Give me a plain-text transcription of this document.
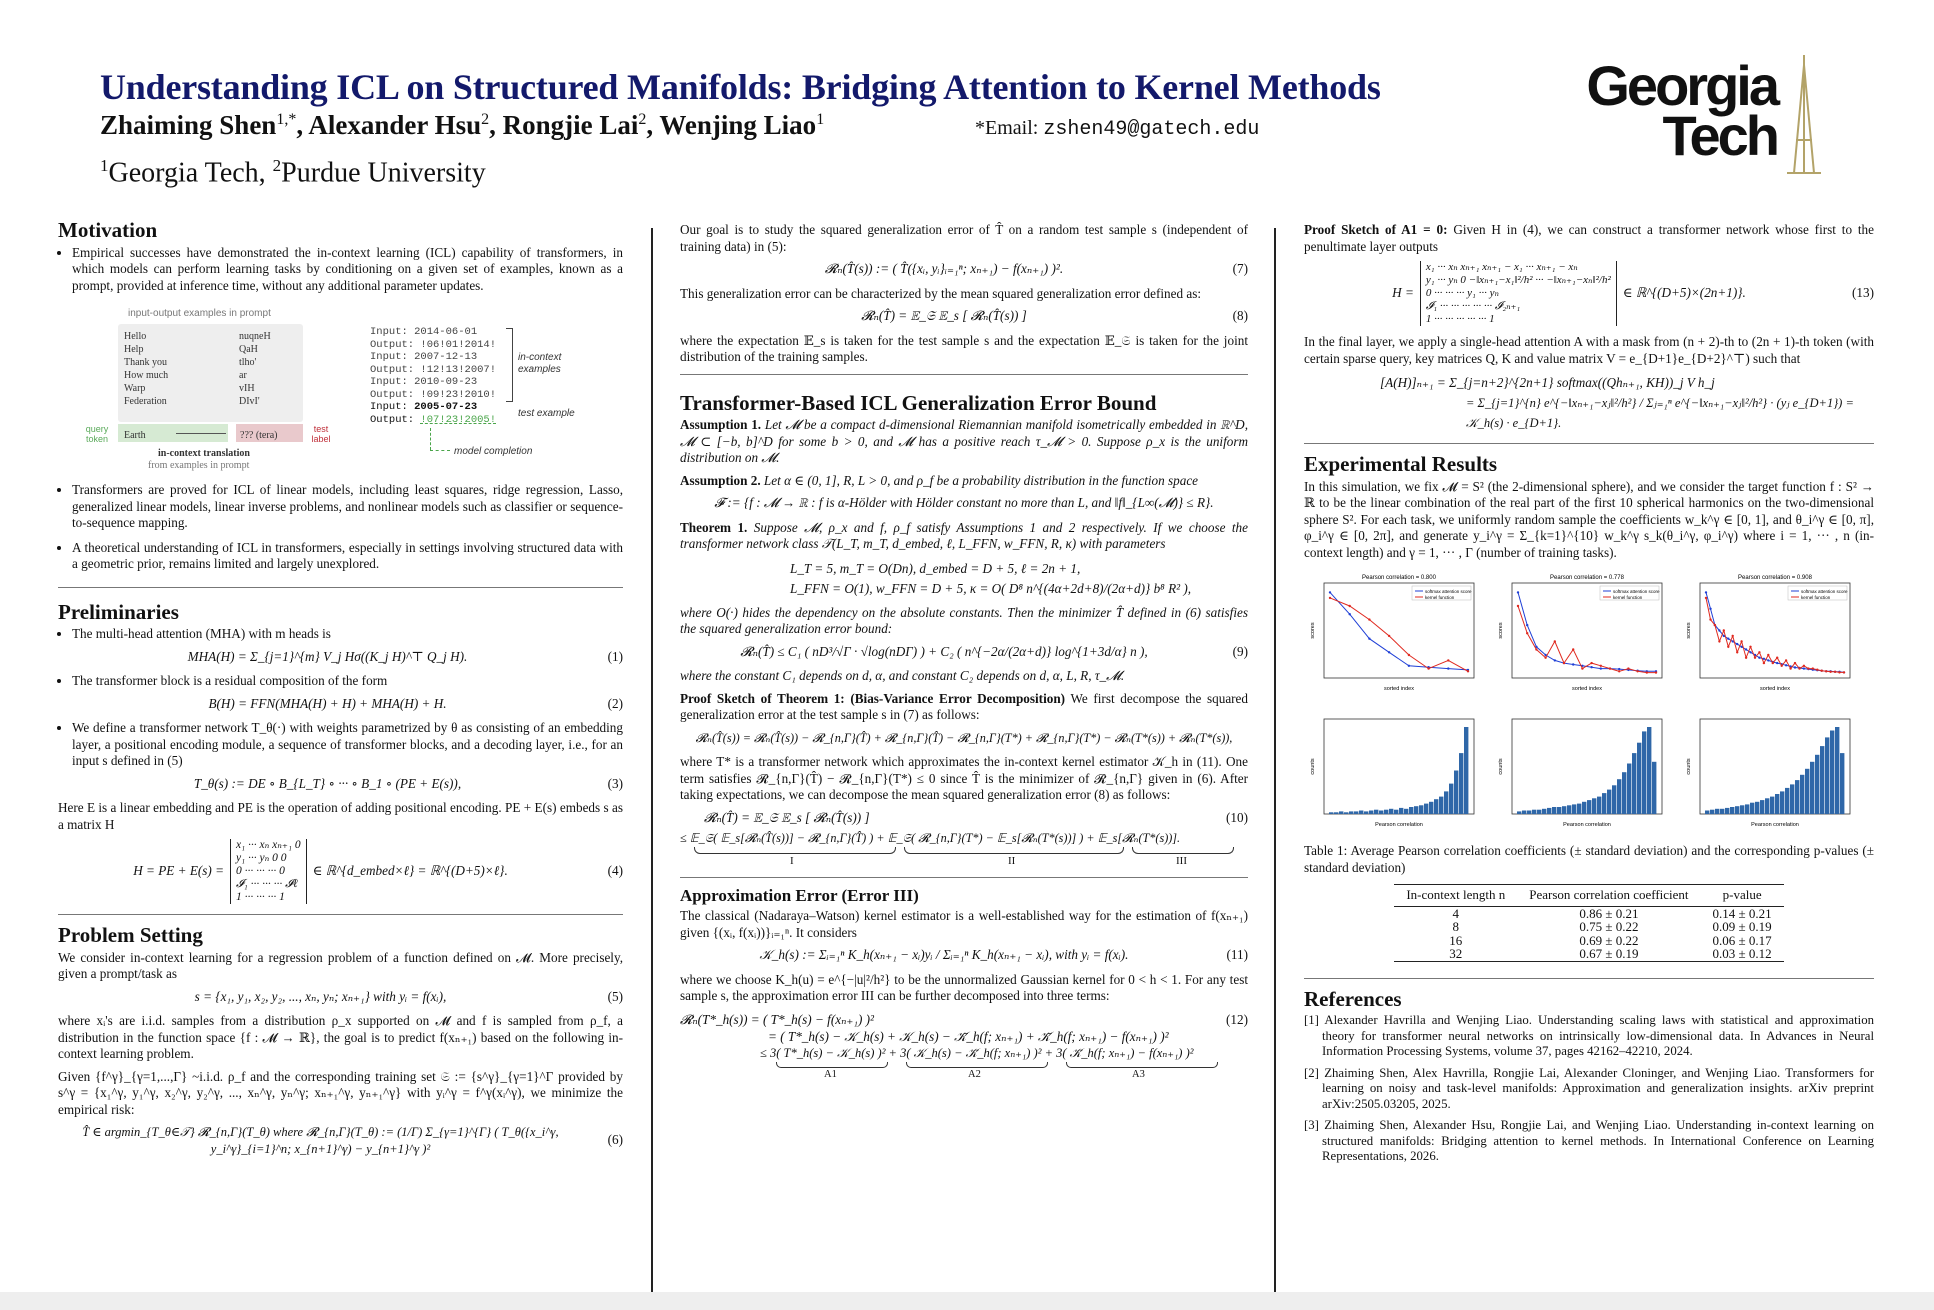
Understanding ICL on Structured Manifolds: Bridging Attention to Kernel Methods
Zhaiming Shen$^{1,*}$, Alexander Hsu$^2$, Rongjie Lai$^2$, Wenjing Liao$^1$	*Email: zshen49@gatech.edu
$^1$Georgia Tech, $^2$Purdue University
Georgia
Tech
Motivation
• Empirical successes have demonstrated the in-context learning (ICL) capability of transformers, in which models can perform learning tasks by conditioning on a given set of examples, known as a prompt, provided at inference time, without any additional parameter updates.
input-output examples in prompt
Hello	nuqneH
Help	QaH
Thank you	tlho'
How much	ar
Warp	vIH
Federation	DIvI'
Earth	??? (tera)
query token
test label
in-context translation
from examples in prompt
Input: 2014-06-01
Output: !06!01!2014!
Input: 2007-12-13
Output: !12!13!2007!
Input: 2010-09-23
Output: !09!23!2010!
Input: 2005-07-23
Output: !07!23!2005!
in-context examples
test example
model completion
• Transformers are proved for ICL of linear models, including least squares, ridge regression, Lasso, generalized linear models, linear inverse problems, and nonlinear models such as classifier or sequence-to-sequence mapping.
• A theoretical understanding of ICL in transformers, especially in settings involving structured data with a geometric prior, remains limited and largely unexplored.
Preliminaries
• The multi-head attention (MHA) with m heads is
MHA(H) = Σ_{j=1}^{m} V_j Hσ((K_j H)^⊤ Q_j H).	(1)
• The transformer block is a residual composition of the form
B(H) = FFN(MHA(H) + H) + MHA(H) + H.	(2)
• We define a transformer network T_θ(·) with weights parametrized by θ as consisting of an embedding layer, a positional encoding module, a sequence of transformer blocks, and a decoding layer, i.e., for an input s defined in (5)
T_θ(s) := DE ∘ B_{L_T} ∘ ··· ∘ B_1 ∘ (PE + E(s)),	(3)

Here E is a linear embedding and PE is the operation of adding positional encoding. PE + E(s) embeds s as a matrix H

H = PE + E(s) =
x₁ ··· xₙ xₙ₊₁ 0
y₁ ··· yₙ 0 0
0 ··· ··· ··· 0
𝓘₁ ··· ··· ··· 𝓘ℓ
1 ··· ··· ··· 1
∈ ℝ^{d_embed×ℓ} = ℝ^{(D+5)×ℓ}.	(4)
Problem Setting

We consider in-context learning for a regression problem of a function defined on 𝓜. More precisely, given a prompt/task as

s = {x₁, y₁, x₂, y₂, ..., xₙ, yₙ; xₙ₊₁} with yᵢ = f(xᵢ),	(5)

where xᵢ's are i.i.d. samples from a distribution ρ_x supported on 𝓜 and f is sampled from ρ_f, a distribution in the function space {f : 𝓜 → ℝ}, the goal is to predict f(xₙ₊₁) based on the following in-context learning problem.

Given {f^γ}_{γ=1,...,Γ} ~i.i.d. ρ_f and the corresponding training set 𝔖 := {s^γ}_{γ=1}^Γ provided by s^γ = {x₁^γ, y₁^γ, x₂^γ, y₂^γ, ..., xₙ^γ, yₙ^γ; xₙ₊₁^γ, yₙ₊₁^γ} with yᵢ^γ = f^γ(xᵢ^γ), we minimize the empirical risk:

T̂ ∈ argmin_{T_θ∈𝒯} 𝓡_{n,Γ}(T_θ) where 𝓡_{n,Γ}(T_θ) := (1/Γ) Σ_{γ=1}^{Γ} ( T_θ({x_i^γ, y_i^γ}_{i=1}^n; x_{n+1}^γ) − y_{n+1}^γ )²
(6)

Our goal is to study the squared generalization error of T̂ on a random test sample s (independent of training data) in (5):

𝓡ₙ(T̂(s)) := ( T̂({xᵢ, yᵢ}ᵢ₌₁ⁿ; xₙ₊₁) − f(xₙ₊₁) )².	(7)

This generalization error can be characterized by the mean squared generalization error defined as:

𝓡ₙ(T̂) = 𝔼_𝔖 𝔼_s [ 𝓡ₙ(T̂(s)) ]	(8)

where the expectation 𝔼_s is taken for the test sample s and the expectation 𝔼_𝔖 is taken for the joint distribution of the training samples.

Transformer-Based ICL Generalization Error Bound

Assumption 1. Let 𝓜 be a compact d-dimensional Riemannian manifold isometrically embedded in ℝ^D, 𝓜 ⊂ [−b, b]^D for some b > 0, and 𝓜 has a positive reach τ_𝓜 > 0. Suppose ρ_x is the uniform distribution on 𝓜.

Assumption 2. Let α ∈ (0, 1], R, L > 0, and ρ_f be a probability distribution in the function space

𝓕 := {f : 𝓜 → ℝ : f is α-Hölder with Hölder constant no more than L, and ‖f‖_{L∞(𝓜)} ≤ R}.

Theorem 1. Suppose 𝓜, ρ_x and f, ρ_f satisfy Assumptions 1 and 2 respectively. If we choose the transformer network class 𝒯(L_T, m_T, d_embed, ℓ, L_FFN, w_FFN, R, κ) with parameters

L_T = 5, m_T = O(Dn), d_embed = D + 5, ℓ = 2n + 1,
L_FFN = O(1), w_FFN = D + 5, κ = O( D⁸ n^{(4α+2d+8)/(2α+d)} b⁸ R² ),

where O(·) hides the dependency on the absolute constants. Then the minimizer T̂ defined in (6) satisfies the squared generalization error bound:

𝓡ₙ(T̂) ≤ C₁ ( nD³/√Γ · √log(nDΓ) ) + C₂ ( n^{−2α/(2α+d)} log^{1+3d/α} n ),	(9)

where the constant C₁ depends on d, α, and constant C₂ depends on d, α, L, R, τ_𝓜.

Proof Sketch of Theorem 1: (Bias-Variance Error Decomposition) We first decompose the squared generalization error at the test sample s in (7) as follows:

𝓡ₙ(T̂(s)) = 𝓡ₙ(T̂(s)) − 𝓡_{n,Γ}(T̂) + 𝓡_{n,Γ}(T̂) − 𝓡_{n,Γ}(T*) + 𝓡_{n,Γ}(T*) − 𝓡ₙ(T*(s)) + 𝓡ₙ(T*(s)),

where T* is a transformer network which approximates the in-context kernel estimator 𝒦_h in (11). One term satisfies 𝓡_{n,Γ}(T̂) − 𝓡_{n,Γ}(T*) ≤ 0 since T̂ is the minimizer of 𝓡_{n,Γ} given in (6). After taking expectations, we can decompose the mean squared generalization error (8) as follows:

𝓡ₙ(T̂) = 𝔼_𝔖 𝔼_s [ 𝓡ₙ(T̂(s)) ]	(10)
≤ 𝔼_𝔖( 𝔼_s[𝓡ₙ(T̂(s))] − 𝓡_{n,Γ}(T̂) ) + 𝔼_𝔖( 𝓡_{n,Γ}(T*) − 𝔼_s[𝓡ₙ(T*(s))] ) + 𝔼_s[𝓡ₙ(T*(s))].
I	II	III
Approximation Error (Error III)

The classical (Nadaraya–Watson) kernel estimator is a well-established way for the estimation of f(xₙ₊₁) given {(xᵢ, f(xᵢ))}ᵢ₌₁ⁿ. It considers

𝒦_h(s) := Σᵢ₌₁ⁿ K_h(xₙ₊₁ − xᵢ)yᵢ / Σᵢ₌₁ⁿ K_h(xₙ₊₁ − xᵢ), with yᵢ = f(xᵢ).	(11)

where we choose K_h(u) = e^{−|u|²/h²} to be the unnormalized Gaussian kernel for 0 < h < 1. For any test sample s, the approximation error III can be further decomposed into three terms:

𝓡ₙ(T*_h(s)) = ( T*_h(s) − f(xₙ₊₁) )²	(12)
= ( T*_h(s) − 𝒦_h(s) + 𝒦_h(s) − 𝒦̄_h(f; xₙ₊₁) + 𝒦̄_h(f; xₙ₊₁) − f(xₙ₊₁) )²
≤ 3( T*_h(s) − 𝒦_h(s) )² + 3( 𝒦_h(s) − 𝒦̄_h(f; xₙ₊₁) )² + 3( 𝒦̄_h(f; xₙ₊₁) − f(xₙ₊₁) )²
A1	A2	A3

Proof Sketch of A1 = 0: Given H in (4), we can construct a transformer network whose first to the penultimate layer outputs

H =
x₁ ··· xₙ xₙ₊₁ xₙ₊₁ − x₁ ··· xₙ₊₁ − xₙ
y₁ ··· yₙ 0 −‖xₙ₊₁−x₁‖²/h² ··· −‖xₙ₊₁−xₙ‖²/h²
0 ··· ··· ··· y₁ ··· yₙ
𝓘₁ ··· ··· ··· ··· ··· 𝓘₂ₙ₊₁
1 ··· ··· ··· ··· ··· 1
∈ ℝ^{(D+5)×(2n+1)}.	(13)

In the final layer, we apply a single-head attention A with a mask from (n + 2)-th to (2n + 1)-th token (with certain sparse query, key matrices Q, K and value matrix V = e_{D+1}e_{D+2}^⊤) such that

[A(H)]ₙ₊₁ = Σ_{j=n+2}^{2n+1} softmax((Qhₙ₊₁, KH))_j V h_j
= Σ_{j=1}^{n} e^{−‖xₙ₊₁−xⱼ‖²/h²} / Σⱼ₌₁ⁿ e^{−‖xₙ₊₁−xⱼ‖²/h²} · (yⱼ e_{D+1}) = 𝒦_h(s) · e_{D+1}.
Experimental Results

In this simulation, we fix 𝓜 = S² (the 2-dimensional sphere), and we consider the target function f : S² → ℝ to be the linear combination of the real part of the first 10 spherical harmonics on the two-dimensional sphere S². For each task, we uniformly random sample the coefficients w_k^γ ∈ [0, 1], and θ_i^γ ∈ [0, π], φ_i^γ ∈ [0, 2π], and generate y_i^γ = Σ_{k=1}^{10} w_k^γ s_k(θ_i^γ, φ_i^γ) where i = 1, ··· , n (in-context length) and γ = 1, ··· , Γ (number of training tasks).

Pearson correlation = 0.800
sorted index
scores
softmax attention score
kernel function
Pearson correlation = 0.778
sorted index
scores
softmax attention score
kernel function
Pearson correlation = 0.908
sorted index
scores
softmax attention score
kernel function
Pearson correlation
counts
Pearson correlation
counts
Pearson correlation
counts

Table 1: Average Pearson correlation coefficients (± standard deviation) and the corresponding p-values (± standard deviation)

In-context length n	Pearson correlation coefficient	p-value
4	0.86 ± 0.21	0.14 ± 0.21
8	0.75 ± 0.22	0.09 ± 0.19
16	0.69 ± 0.22	0.06 ± 0.17
32	0.67 ± 0.19	0.03 ± 0.12
References

[1] Alexander Havrilla and Wenjing Liao. Understanding scaling laws with statistical and approximation theory for transformer neural networks on intrinsically low-dimensional data. In Advances in Neural Information Processing Systems, volume 37, pages 42162–42210, 2024.

[2] Zhaiming Shen, Alex Havrilla, Rongjie Lai, Alexander Cloninger, and Wenjing Liao. Transformers for learning on noisy and task-level manifolds: Approximation and generalization insights. arXiv preprint arXiv:2505.03205, 2025.

[3] Zhaiming Shen, Alexander Hsu, Rongjie Lai, and Wenjing Liao. Understanding in-context learning on structured manifolds: Bridging attention to kernel methods. In International Conference on Learning Representations, 2026.
